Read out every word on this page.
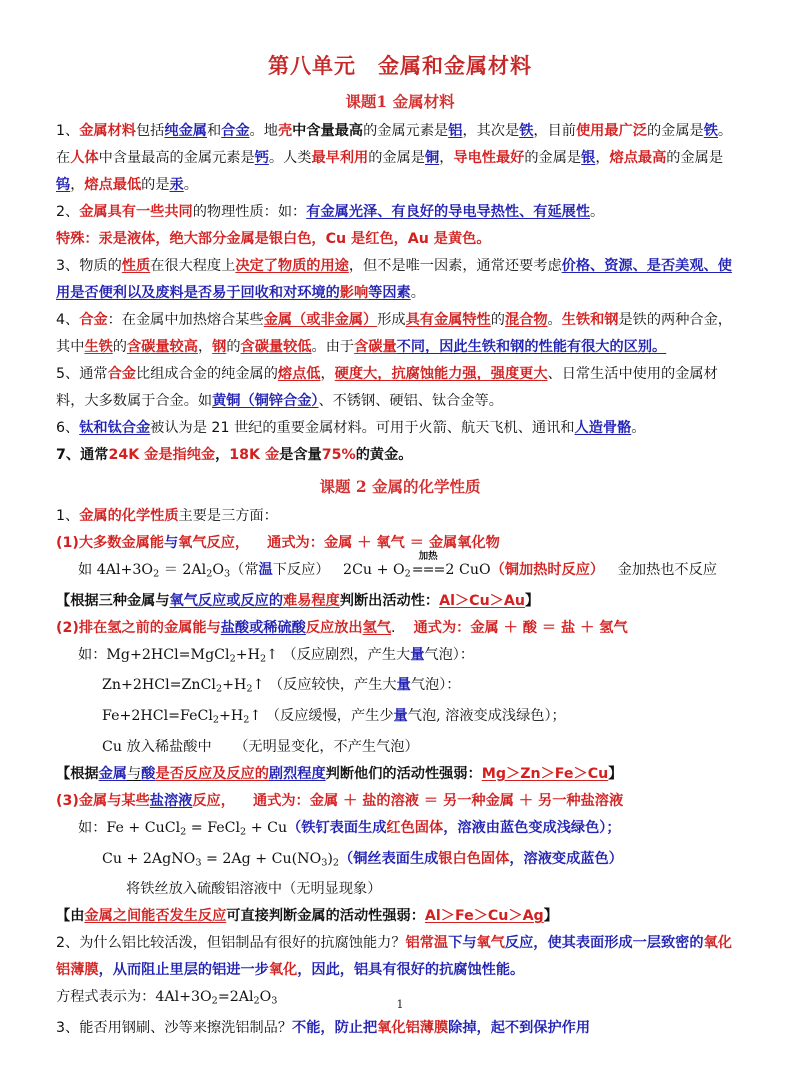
第八单元　金属和金属材料
课题1 金属材料
1、金属材料包括纯金属和合金。地壳中含量最高的金属元素是铝，其次是铁，目前使用最广泛的金属是铁。在人体中含量最高的金属元素是钙。人类最早利用的金属是铜，导电性最好的金属是银，熔点最高的金属是钨，熔点最低的是汞。
2、金属具有一些共同的物理性质：如：有金属光泽、有良好的导电导热性、有延展性。
特殊：汞是液体，绝大部分金属是银白色，Cu 是红色，Au 是黄色。
3、物质的性质在很大程度上决定了物质的用途，但不是唯一因素，通常还要考虑价格、资源、是否美观、使用是否便利以及废料是否易于回收和对环境的影响等因素。
4、合金：在金属中加热熔合某些金属（或非金属）形成具有金属特性的混合物。生铁和钢是铁的两种合金，其中生铁的含碳量较高，钢的含碳量较低。由于含碳量不同，因此生铁和钢的性能有很大的区别。
5、通常合金比组成合金的纯金属的熔点低，硬度大，抗腐蚀能力强，强度更大、日常生活中使用的金属材料，大多数属于合金。如黄铜（铜锌合金）、不锈钢、硬铝、钛合金等。
6、钛和钛合金被认为是 21 世纪的重要金属材料。可用于火箭、航天飞机、通讯和人造骨骼。
7、通常24K 金是指纯金，18K 金是含量75%的黄金。
课题 2 金属的化学性质
1、金属的化学性质主要是三方面：
(1)大多数金属能与氧气反应， 通式为：金属 ＋ 氧气 ＝ 金属氧化物
如 $4Al+3O_2 = 2Al_2O_3$（常温下反应） $2Cu + O_2$
加热
===2 CuO（铜加热时反应） 金加热也不反应
【根据三种金属与氧气反应或反应的难易程度判断出活动性：Al＞Cu＞Au】
(2)排在氢之前的金属能与盐酸或稀硫酸反应放出氢气. 通式为：金属 ＋ 酸 ＝ 盐 ＋ 氢气
如：$Mg+2HCl=MgCl_2+H_2↑$ （反应剧烈，产生大量气泡）：
$Zn+2HCl=ZnCl_2+H_2↑$ （反应较快，产生大量气泡）：
$Fe+2HCl=FeCl_2+H_2↑$ （反应缓慢，产生少量气泡, 溶液变成浅绿色）；
Cu 放入稀盐酸中 （无明显变化，不产生气泡）
【根据金属与酸是否反应及反应的剧烈程度判断他们的活动性强弱：Mg＞Zn＞Fe＞Cu】
(3)金属与某些盐溶液反应， 通式为：金属 ＋ 盐的溶液 ＝ 另一种金属 ＋ 另一种盐溶液
如：Fe + CuCl$_2$ = FeCl$_2$ + Cu（铁钉表面生成红色固体，溶液由蓝色变成浅绿色）；
Cu + 2AgNO$_3$ = $2Ag + Cu(NO_3)_2$（铜丝表面生成银白色固体，溶液变成蓝色）
将铁丝放入硫酸铝溶液中（无明显现象）
【由金属之间能否发生反应可直接判断金属的活动性强弱：Al＞Fe＞Cu＞Ag】
2、为什么铝比较活泼，但铝制品有很好的抗腐蚀能力？铝常温下与氧气反应，使其表面形成一层致密的氧化铝薄膜，从而阻止里层的铝进一步氧化，因此，铝具有很好的抗腐蚀性能。
方程式表示为：$4Al+3O_2=2Al_2O_3$
3、能否用钢刷、沙等来擦洗铝制品？不能，防止把氧化铝薄膜除掉，起不到保护作用
1
